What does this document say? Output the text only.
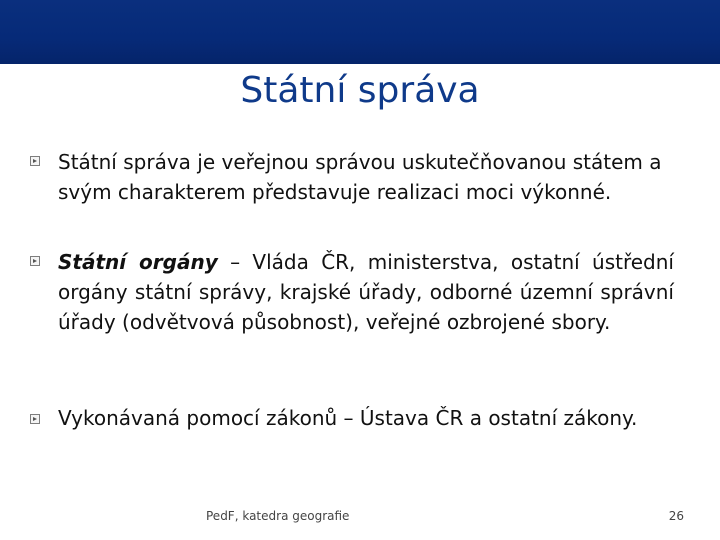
Státní správa
Státní správa je veřejnou správou uskutečňovanou státem a svým charakterem představuje realizaci moci výkonné.
Státní orgány – Vláda ČR, ministerstva, ostatní ústřední orgány státní správy, krajské úřady, odborné územní správní úřady (odvětvová působnost), veřejné ozbrojené sbory.
Vykonávaná pomocí zákonů – Ústava ČR a ostatní zákony.
PedF, katedra geografie	26
